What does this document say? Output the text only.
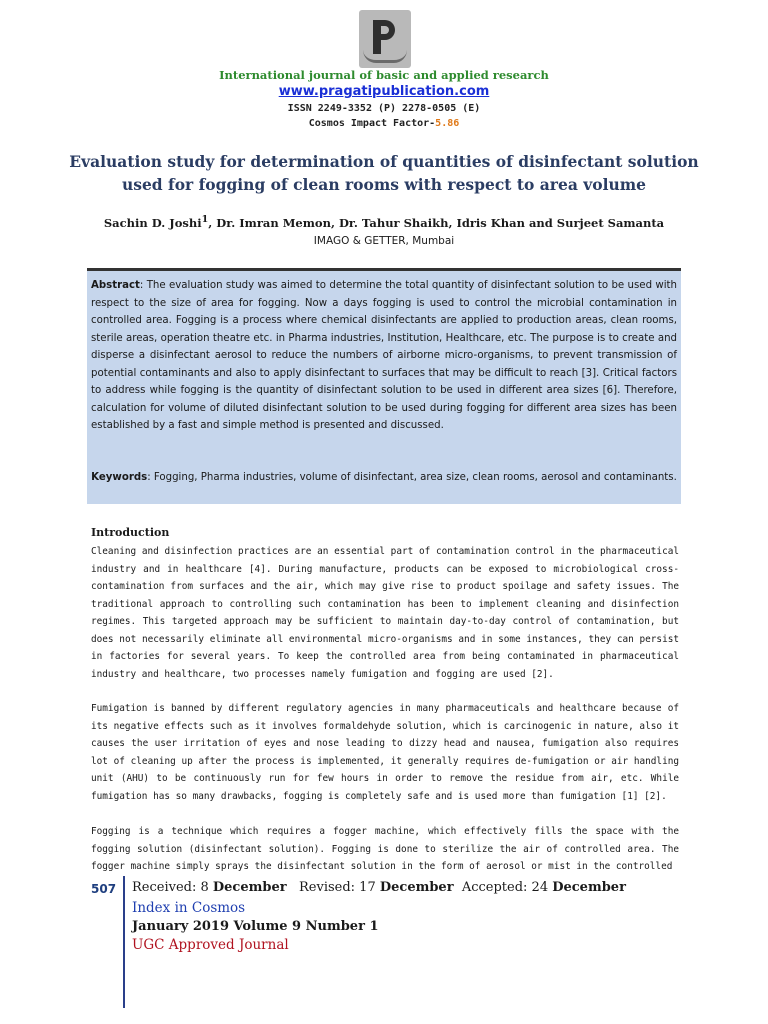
International journal of basic and applied research
www.pragatipublication.com
ISSN 2249-3352 (P) 2278-0505 (E)
Cosmos Impact Factor-5.86
Evaluation study for determination of quantities of disinfectant solution used for fogging of clean rooms with respect to area volume
Sachin D. Joshi$^1$, Dr. Imran Memon, Dr. Tahur Shaikh, Idris Khan and Surjeet Samanta
IMAGO & GETTER, Mumbai
Abstract: The evaluation study was aimed to determine the total quantity of disinfectant solution to be used with respect to the size of area for fogging. Now a days fogging is used to control the microbial contamination in controlled area. Fogging is a process where chemical disinfectants are applied to production areas, clean rooms, sterile areas, operation theatre etc. in Pharma industries, Institution, Healthcare, etc. The purpose is to create and disperse a disinfectant aerosol to reduce the numbers of airborne micro-organisms, to prevent transmission of potential contaminants and also to apply disinfectant to surfaces that may be difficult to reach [3]. Critical factors to address while fogging is the quantity of disinfectant solution to be used in different area sizes [6]. Therefore, calculation for volume of diluted disinfectant solution to be used during fogging for different area sizes has been established by a fast and simple method is presented and discussed.
Keywords: Fogging, Pharma industries, volume of disinfectant, area size, clean rooms, aerosol and contaminants.
Introduction
Cleaning and disinfection practices are an essential part of contamination control in the pharmaceutical industry and in healthcare [4]. During manufacture, products can be exposed to microbiological cross-contamination from surfaces and the air, which may give rise to product spoilage and safety issues. The traditional approach to controlling such contamination has been to implement cleaning and disinfection regimes. This targeted approach may be sufficient to maintain day-to-day control of contamination, but does not necessarily eliminate all environmental micro-organisms and in some instances, they can persist in factories for several years. To keep the controlled area from being contaminated in pharmaceutical industry and healthcare, two processes namely fumigation and fogging are used [2].
Fumigation is banned by different regulatory agencies in many pharmaceuticals and healthcare because of its negative effects such as it involves formaldehyde solution, which is carcinogenic in nature, also it causes the user irritation of eyes and nose leading to dizzy head and nausea, fumigation also requires lot of cleaning up after the process is implemented, it generally requires de-fumigation or air handling unit (AHU) to be continuously run for few hours in order to remove the residue from air, etc. While fumigation has so many drawbacks, fogging is completely safe and is used more than fumigation [1] [2].
Fogging is a technique which requires a fogger machine, which effectively fills the space with the fogging solution (disinfectant solution). Fogging is done to sterilize the air of controlled area. The fogger machine simply sprays the disinfectant solution in the form of aerosol or mist in the controlled
507 Received: 8 December   Revised: 17 December  Accepted: 24 December
Index in Cosmos
January 2019 Volume 9 Number 1
UGC Approved Journal
